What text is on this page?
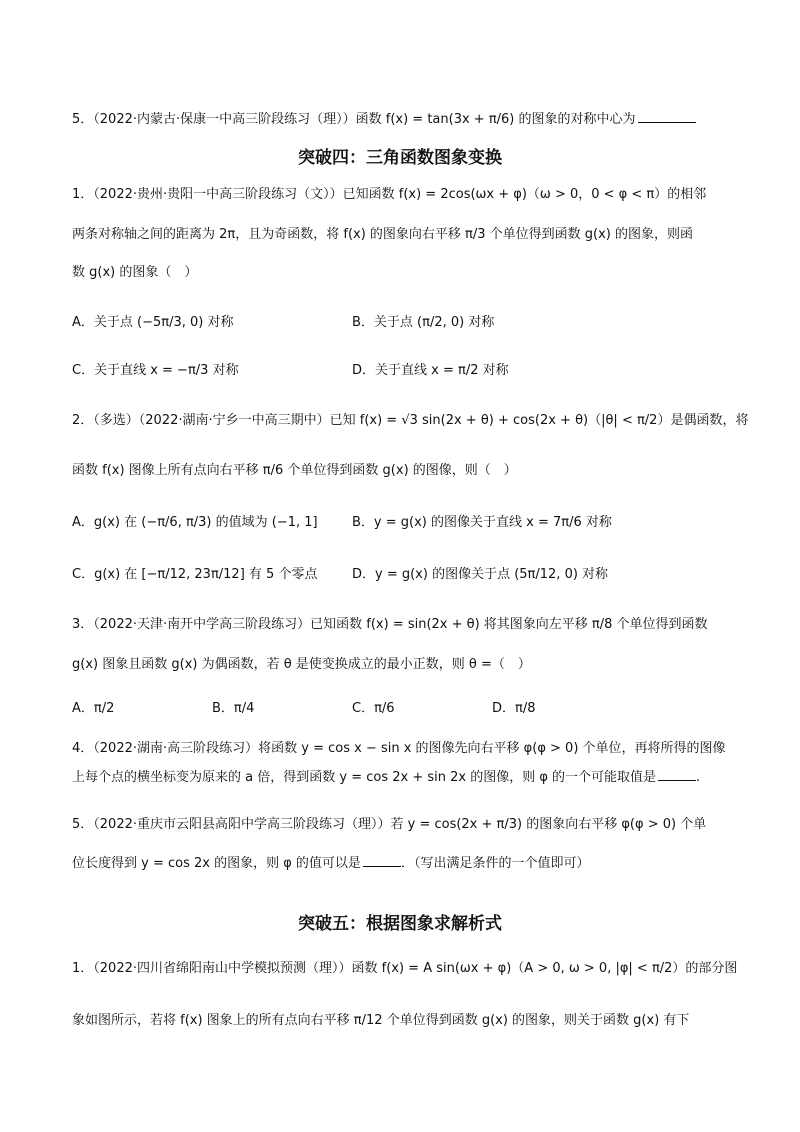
5．（2022·内蒙古·保康一中高三阶段练习（理））函数 f(x) = tan(3x + π/6) 的图象的对称中心为
突破四：三角函数图象变换
1．（2022·贵州·贵阳一中高三阶段练习（文））已知函数 f(x) = 2cos(ωx + φ)（ω > 0，0 < φ < π）的相邻
两条对称轴之间的距离为 2π，且为奇函数，将 f(x) 的图象向右平移 π/3 个单位得到函数 g(x) 的图象，则函
数 g(x) 的图象（　）
A．关于点 (−5π/3, 0) 对称	B．关于点 (π/2, 0) 对称
C．关于直线 x = −π/3 对称	D．关于直线 x = π/2 对称
2．（多选）（2022·湖南·宁乡一中高三期中）已知 f(x) = √3 sin(2x + θ) + cos(2x + θ)（|θ| < π/2）是偶函数，将
函数 f(x) 图像上所有点向右平移 π/6 个单位得到函数 g(x) 的图像，则（　）
A．g(x) 在 (−π/6, π/3) 的值域为 (−1, 1]	B．y = g(x) 的图像关于直线 x = 7π/6 对称
C．g(x) 在 [−π/12, 23π/12] 有 5 个零点	D．y = g(x) 的图像关于点 (5π/12, 0) 对称
3．（2022·天津·南开中学高三阶段练习）已知函数 f(x) = sin(2x + θ) 将其图象向左平移 π/8 个单位得到函数
g(x) 图象且函数 g(x) 为偶函数，若 θ 是使变换成立的最小正数，则 θ =（　）
A．π/2	B．π/4	C．π/6	D．π/8
4．（2022·湖南·高三阶段练习）将函数 y = cos x − sin x 的图像先向右平移 φ(φ > 0) 个单位，再将所得的图像
上每个点的横坐标变为原来的 a 倍，得到函数 y = cos 2x + sin 2x 的图像，则 φ 的一个可能取值是	.
5．（2022·重庆市云阳县高阳中学高三阶段练习（理））若 y = cos(2x + π/3) 的图象向右平移 φ(φ > 0) 个单
位长度得到 y = cos 2x 的图象，则 φ 的值可以是	．（写出满足条件的一个值即可）
突破五：根据图象求解析式
1．（2022·四川省绵阳南山中学模拟预测（理））函数 f(x) = A sin(ωx + φ)（A > 0, ω > 0, |φ| < π/2）的部分图
象如图所示，若将 f(x) 图象上的所有点向右平移 π/12 个单位得到函数 g(x) 的图象，则关于函数 g(x) 有下
